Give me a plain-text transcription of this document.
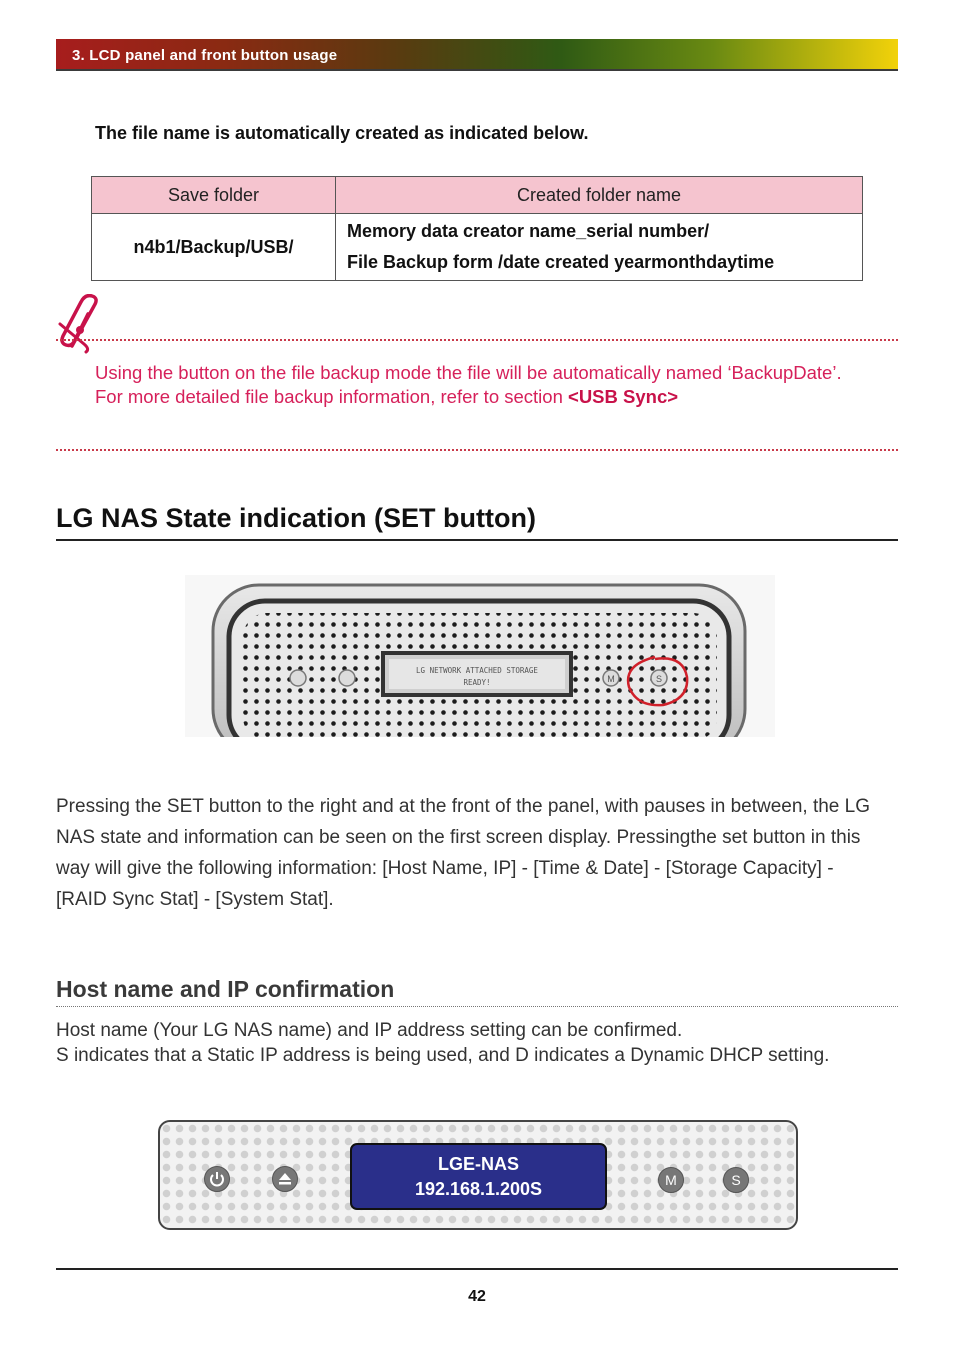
3. LCD panel and front button usage
The file name is automatically created as indicated below.
Save folder	Created folder name
n4b1/Backup/USB/	Memory data creator name_serial number/
File Backup form /date created yearmonthdaytime
Using the button on the file backup mode the file will be automatically named ‘BackupDate’. For more detailed file backup information, refer to section <USB Sync>
LG NAS State indication (SET button)
LG NETWORK ATTACHED STORAGE
READY!	M	S
Pressing the SET button to the right and at the front of the panel, with pauses in between, the LG NAS state and information can be seen on the first screen display. Pressingthe set button in this way will give the following information: [Host Name, IP] - [Time & Date] - [Storage Capacity] - [RAID Sync Stat] - [System Stat].
Host name and IP confirmation
Host name (Your LG NAS name) and IP address setting can be confirmed.
S indicates that a Static IP address is being used, and D indicates a Dynamic DHCP setting.
LGE-NAS
192.168.1.200S	M	S
42
